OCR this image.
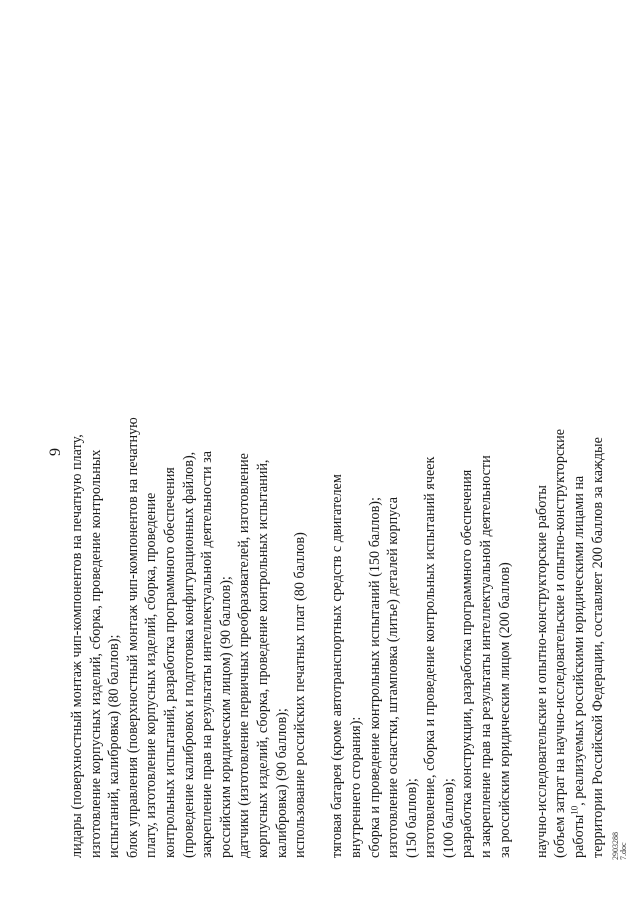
9 лидары (поверхностный монтаж чип-компонентов на печатную плату, изготовление корпусных изделий, сборка, проведение контрольных испытаний, калибровка) (80 баллов); блок управления (поверхностный монтаж чип-компонентов на печатную плату, изготовление корпусных изделий, сборка, проведение контрольных испытаний, разработка программного обеспечения (проведение калибровок и подготовка конфигурационных файлов), закрепление прав на результаты интеллектуальной деятельности за российским юридическим лицом) (90 баллов); датчики (изготовление первичных преобразователей, изготовление корпусных изделий, сборка, проведение контрольных испытаний, калибровка) (90 баллов); использование российских печатных плат (80 баллов) тяговая батарея (кроме автотранспортных средств с двигателем внутреннего сгорания): сборка и проведение контрольных испытаний (150 баллов); изготовление оснастки, штамповка (литье) деталей корпуса (150 баллов); изготовление, сборка и проведение контрольных испытаний ячеек (100 баллов); разработка конструкции, разработка программного обеспечения и закрепление прав на результаты интеллектуальной деятельности за российским юридическим лицом (200 баллов) научно-исследовательские и опытно-конструкторские работы (объем затрат на научно-исследовательские и опытно-конструкторские работы$^{10}$, реализуемых российскими юридическими лицами на территории Российской Федерации, составляет 200 баллов за каждые 2903288 7.doc
